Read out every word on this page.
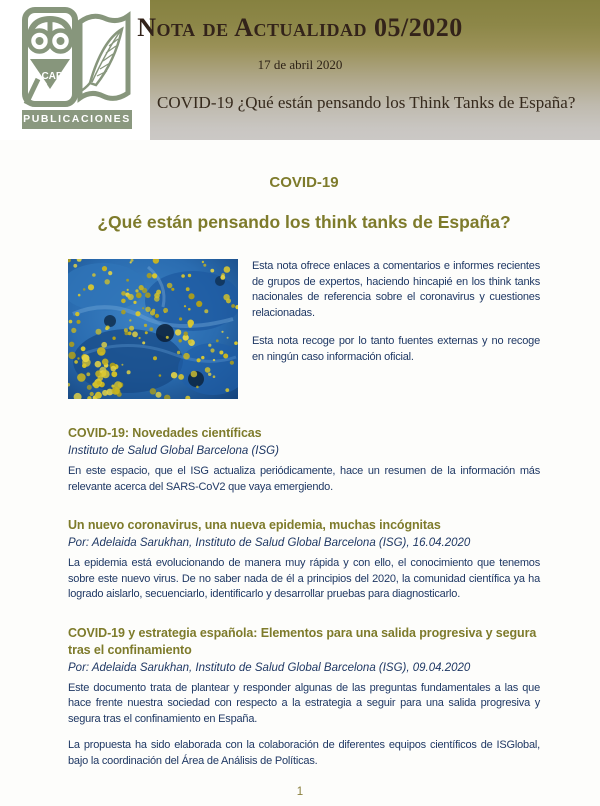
CAP
PUBLICACIONES
Nota de Actualidad 05/2020
17 de abril 2020
COVID-19 ¿Qué están pensando los Think Tanks de España?
COVID-19
¿Qué están pensando los think tanks de España?

Esta nota ofrece enlaces a comentarios e informes recientes de grupos de expertos, haciendo hincapié en los think tanks nacionales de referencia sobre el coronavirus y cuestiones relacionadas.

Esta nota recoge por lo tanto fuentes externas y no recoge en ningún caso información oficial.

COVID-19: Novedades científicas
Instituto de Salud Global Barcelona (ISG)

En este espacio, que el ISG actualiza periódicamente, hace un resumen de la información más relevante acerca del SARS-CoV2 que vaya emergiendo.

Un nuevo coronavirus, una nueva epidemia, muchas incógnitas
Por: Adelaida Sarukhan, Instituto de Salud Global Barcelona (ISG), 16.04.2020

La epidemia está evolucionando de manera muy rápida y con ello, el conocimiento que tenemos sobre este nuevo virus. De no saber nada de él a principios del 2020, la comunidad científica ya ha logrado aislarlo, secuenciarlo, identificarlo y desarrollar pruebas para diagnosticarlo.

COVID-19 y estrategia española: Elementos para una salida progresiva y segura tras el confinamiento
Por: Adelaida Sarukhan, Instituto de Salud Global Barcelona (ISG), 09.04.2020

Este documento trata de plantear y responder algunas de las preguntas fundamentales a las que hace frente nuestra sociedad con respecto a la estrategia a seguir para una salida progresiva y segura tras el confinamiento en España.

La propuesta ha sido elaborada con la colaboración de diferentes equipos científicos de ISGlobal, bajo la coordinación del Área de Análisis de Políticas.

1
